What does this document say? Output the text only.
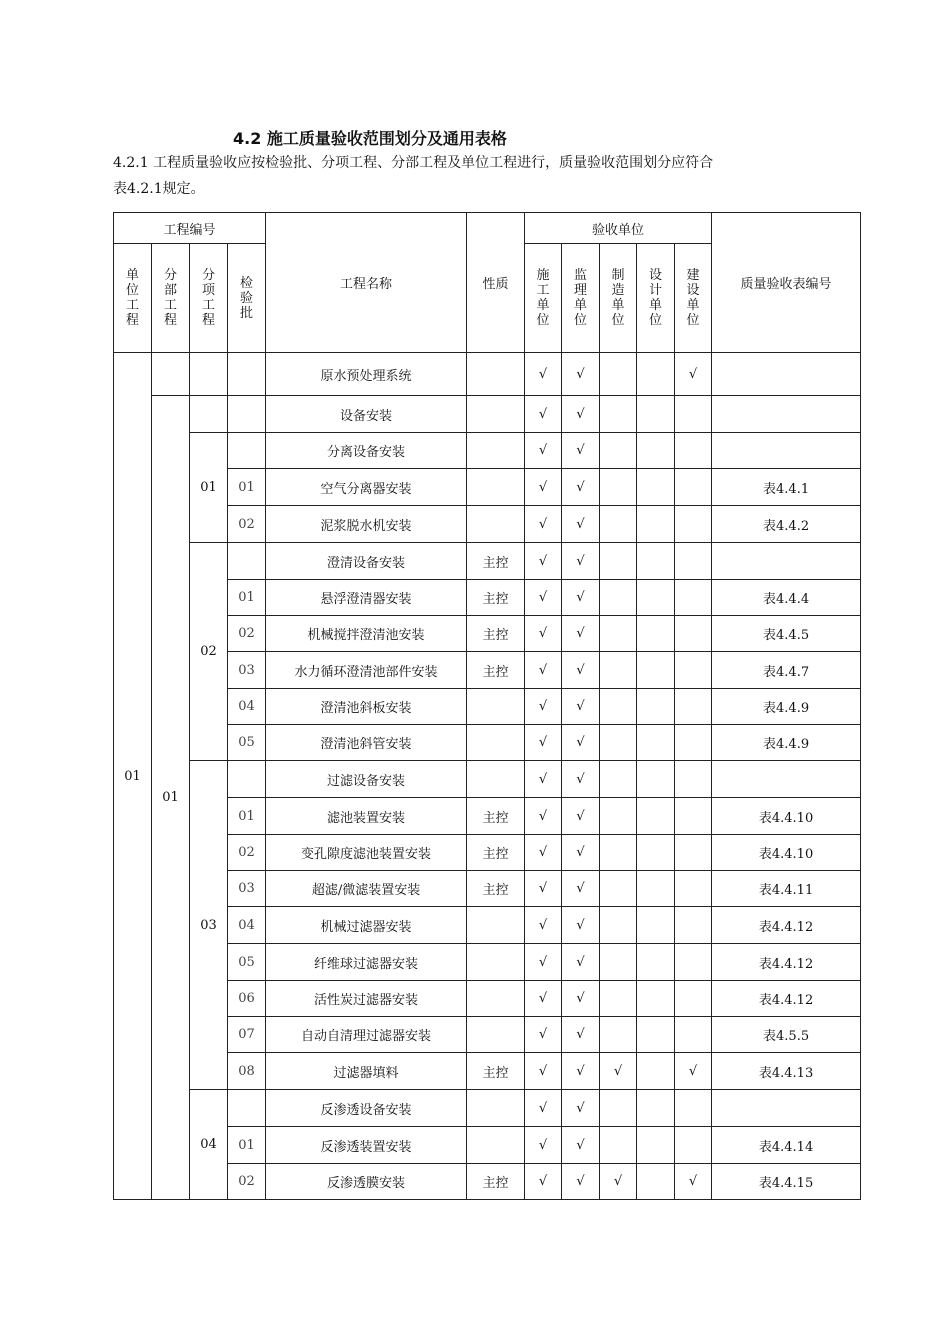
4.2 施工质量验收范围划分及通用表格
4.2.1 工程质量验收应按检验批、分项工程、分部工程及单位工程进行，质量验收范围划分应符合
表4.2.1规定。
工程编号				工程名称	性质	验收单位					质量验收表编号
单位工程	分部工程	分项工程	检验批			施工单位	监理单位	制造单位	设计单位	建设单位	
01				原水预处理系统		√	√			√	
	01			设备安装		√	√				
		01		分离设备安装		√	√				
			01	空气分离器安装		√	√				表4.4.1
			02	泥浆脱水机安装		√	√				表4.4.2
		02		澄清设备安装	主控	√	√				
			01	悬浮澄清器安装	主控	√	√				表4.4.4
			02	机械搅拌澄清池安装	主控	√	√				表4.4.5
			03	水力循环澄清池部件安装	主控	√	√				表4.4.7
			04	澄清池斜板安装		√	√				表4.4.9
			05	澄清池斜管安装		√	√				表4.4.9
		03		过滤设备安装		√	√				
			01	滤池装置安装	主控	√	√				表4.4.10
			02	变孔隙度滤池装置安装	主控	√	√				表4.4.10
			03	超滤/微滤装置安装	主控	√	√				表4.4.11
			04	机械过滤器安装		√	√				表4.4.12
			05	纤维球过滤器安装		√	√				表4.4.12
			06	活性炭过滤器安装		√	√				表4.4.12
			07	自动自清理过滤器安装		√	√				表4.5.5
			08	过滤器填料	主控	√	√	√		√	表4.4.13
		04		反渗透设备安装		√	√				
			01	反渗透装置安装		√	√				表4.4.14
			02	反渗透膜安装	主控	√	√	√		√	表4.4.15
